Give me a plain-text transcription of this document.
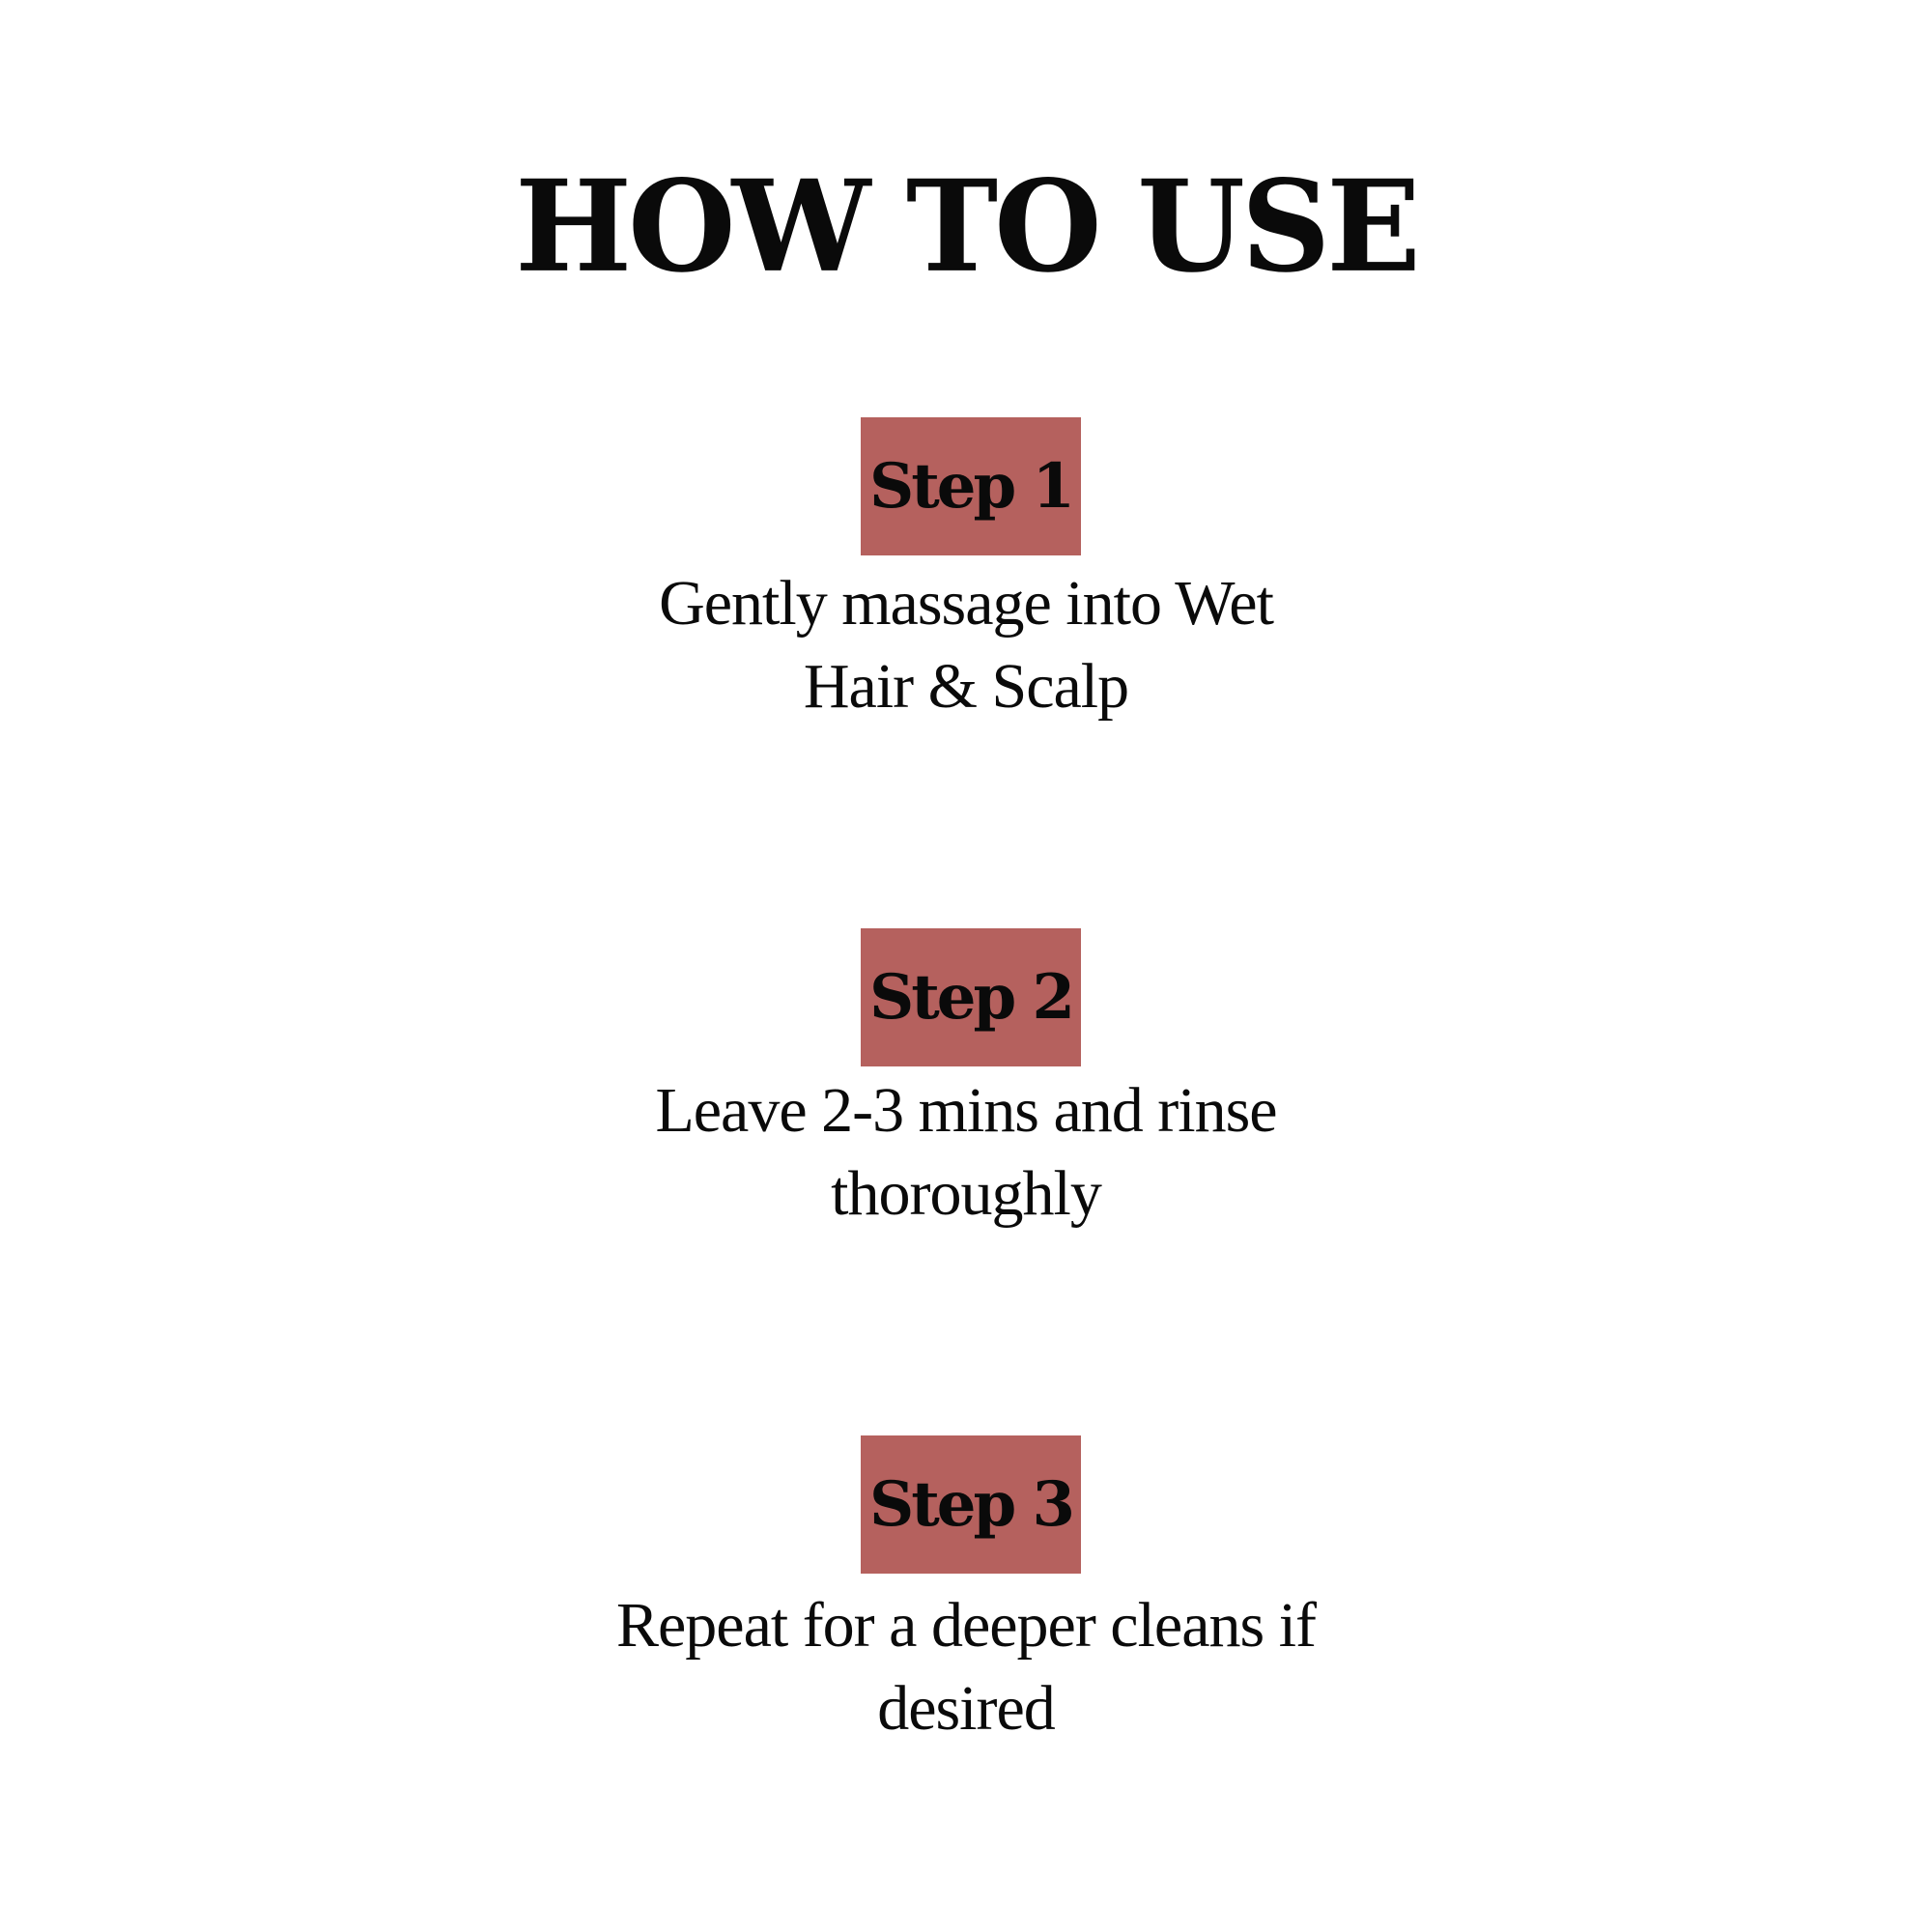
HOW TO USE
Step 1

Gently massage into Wet
Hair & Scalp

Step 2

Leave 2-3 mins and rinse
thoroughly

Step 3

Repeat for a deeper cleans if
desired
